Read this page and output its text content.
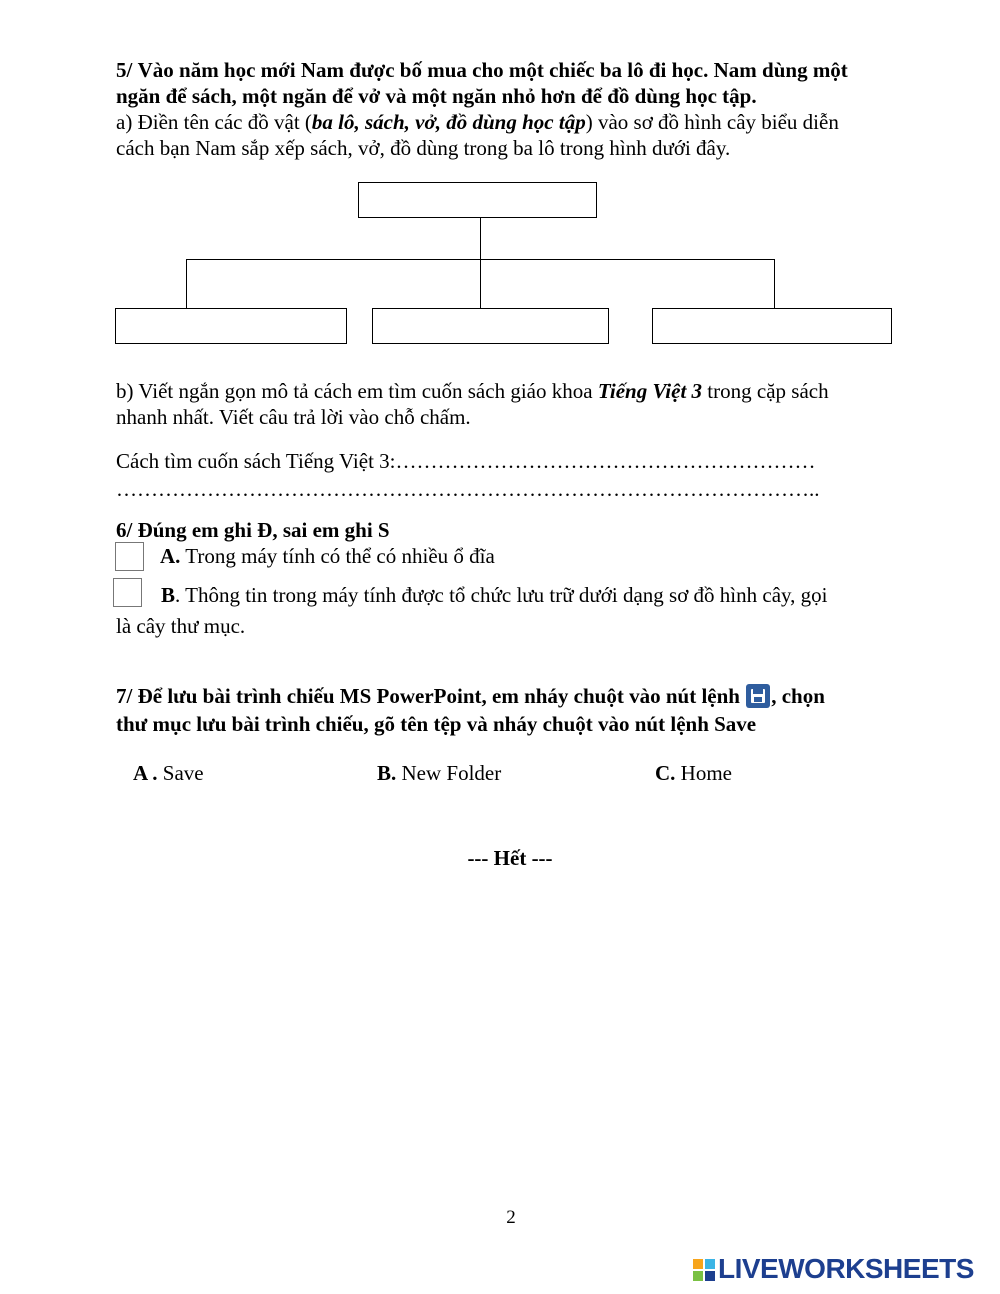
5/ Vào năm học mới Nam được bố mua cho một chiếc ba lô đi học. Nam dùng một
ngăn để sách, một ngăn để vở và một ngăn nhỏ hơn để đồ dùng học tập.
a) Điền tên các đồ vật (ba lô, sách, vở, đồ dùng học tập) vào sơ đồ hình cây biểu diễn
cách bạn Nam sắp xếp sách, vở, đồ dùng trong ba lô trong hình dưới đây.
b) Viết ngắn gọn mô tả cách em tìm cuốn sách giáo khoa Tiếng Việt 3 trong cặp sách
nhanh nhất. Viết câu trả lời vào chỗ chấm.
Cách tìm cuốn sách Tiếng Việt 3:……………………………………………………
………………………………………………………………………………………..
6/ Đúng em ghi Đ, sai em ghi S
A. Trong máy tính có thể có nhiều ổ đĩa
B. Thông tin trong máy tính được tổ chức lưu trữ dưới dạng sơ đồ hình cây, gọi
là cây thư mục.
7/ Để lưu bài trình chiếu MS PowerPoint, em nháy chuột vào nút lệnh , chọn
thư mục lưu bài trình chiếu, gõ tên tệp và nháy chuột vào nút lệnh Save
A . Save	B. New Folder	C. Home
--- Hết ---
2
LIVEWORKSHEETS
